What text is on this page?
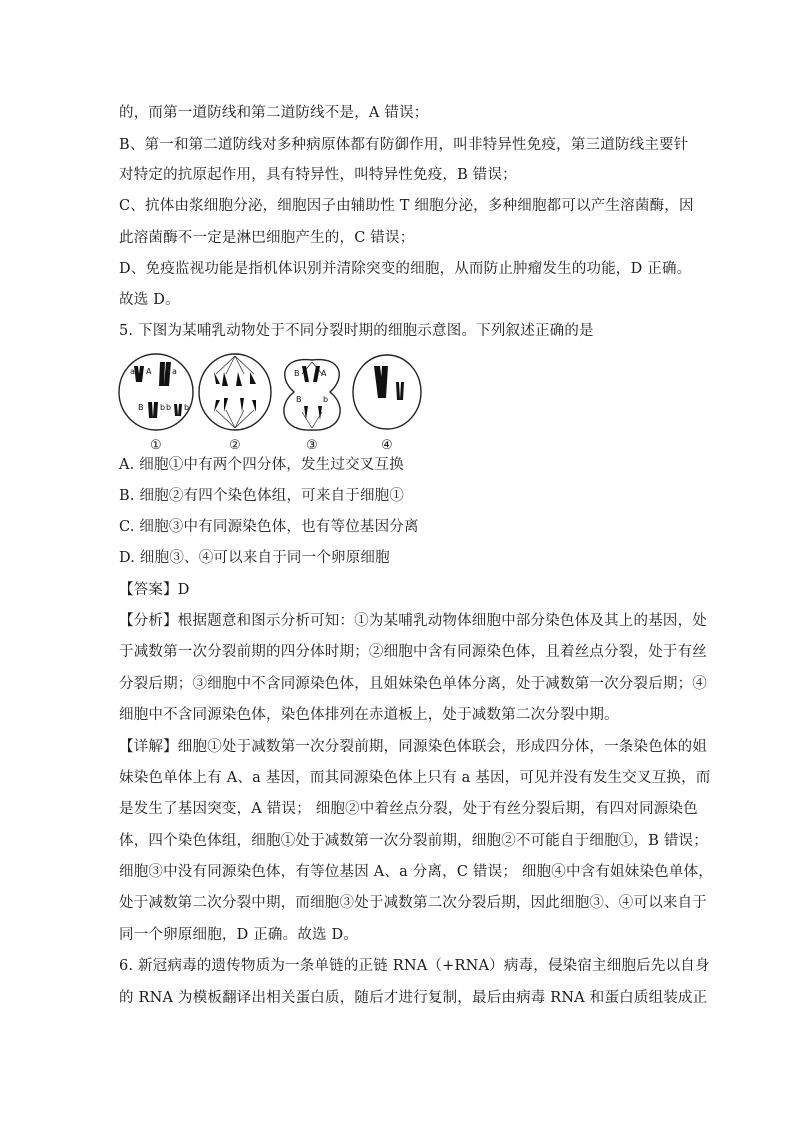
的，而第一道防线和第二道防线不是，A 错误；
B、第一和第二道防线对多种病原体都有防御作用，叫非特异性免疫，第三道防线主要针
对特定的抗原起作用，具有特异性，叫特异性免疫，B 错误；
C、抗体由浆细胞分泌，细胞因子由辅助性 T 细胞分泌，多种细胞都可以产生溶菌酶，因
此溶菌酶不一定是淋巴细胞产生的，C 错误；
D、免疫监视功能是指机体识别并清除突变的细胞，从而防止肿瘤发生的功能，D 正确。
故选 D。
5. 下图为某哺乳动物处于不同分裂时期的细胞示意图。下列叙述正确的是
a A	a
B b b b
B	A
B	b
①	②	③	④
A. 细胞①中有两个四分体，发生过交叉互换
B. 细胞②有四个染色体组，可来自于细胞①
C. 细胞③中有同源染色体，也有等位基因分离
D. 细胞③、④可以来自于同一个卵原细胞
【答案】D
【分析】根据题意和图示分析可知：①为某哺乳动物体细胞中部分染色体及其上的基因，处
于减数第一次分裂前期的四分体时期；②细胞中含有同源染色体，且着丝点分裂，处于有丝
分裂后期；③细胞中不含同源染色体，且姐妹染色单体分离，处于减数第一次分裂后期；④
细胞中不含同源染色体，染色体排列在赤道板上，处于减数第二次分裂中期。
【详解】细胞①处于减数第一次分裂前期，同源染色体联会，形成四分体，一条染色体的姐
妹染色单体上有 A、a 基因，而其同源染色体上只有 a 基因，可见并没有发生交叉互换，而
是发生了基因突变，A 错误； 细胞②中着丝点分裂，处于有丝分裂后期，有四对同源染色
体，四个染色体组，细胞①处于减数第一次分裂前期，细胞②不可能自于细胞①，B 错误；
细胞③中没有同源染色体，有等位基因 A、a 分离，C 错误； 细胞④中含有姐妹染色单体，
处于减数第二次分裂中期，而细胞③处于减数第二次分裂后期，因此细胞③、④可以来自于
同一个卵原细胞，D 正确。故选 D。
6. 新冠病毒的遗传物质为一条单链的正链 RNA（+RNA）病毒，侵染宿主细胞后先以自身
的 RNA 为模板翻译出相关蛋白质，随后才进行复制，最后由病毒 RNA 和蛋白质组装成正
